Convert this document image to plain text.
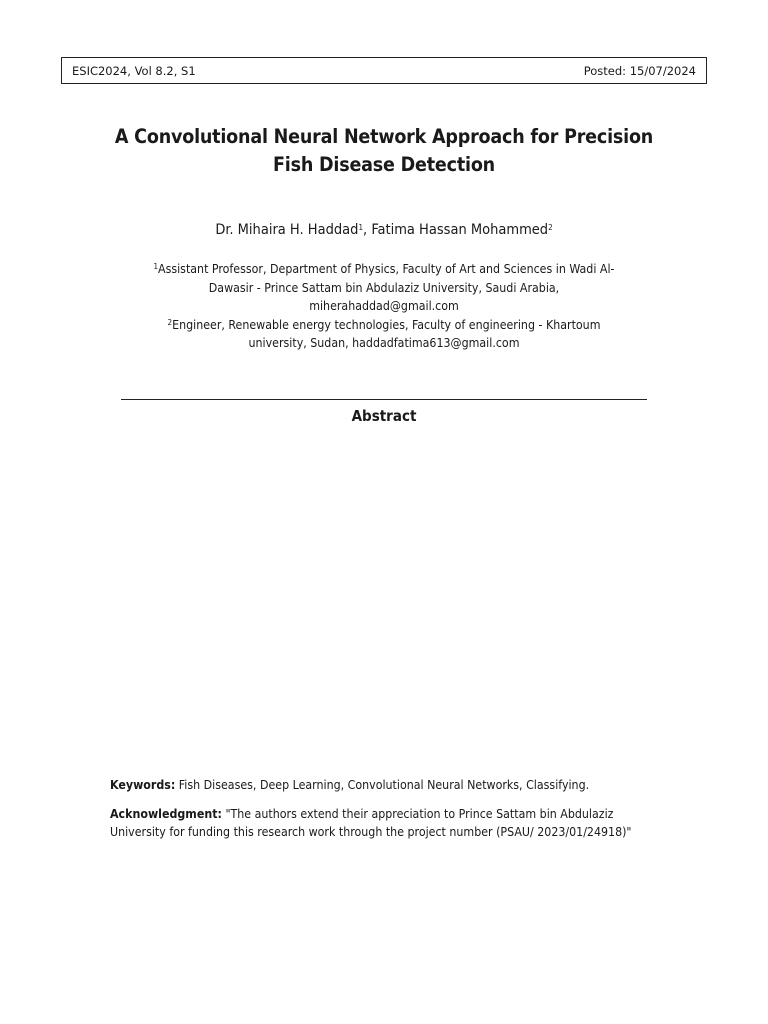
ESIC2024, Vol 8.2, S1	Posted: 15/07/2024
A Convolutional Neural Network Approach for Precision
Fish Disease Detection
Dr. Mihaira H. Haddad$^1$, Fatima Hassan Mohammed$^2$
$^1$Assistant Professor, Department of Physics, Faculty of Art and Sciences in Wadi Al-
Dawasir - Prince Sattam bin Abdulaziz University, Saudi Arabia,
miherahaddad@gmail.com
$^2$Engineer, Renewable energy technologies, Faculty of engineering - Khartoum
university, Sudan, haddadfatima613@gmail.com
Abstract
Keywords: Fish Diseases, Deep Learning, Convolutional Neural Networks, Classifying.
Acknowledgment: "The authors extend their appreciation to Prince Sattam bin Abdulaziz University for funding this research work through the project number (PSAU/ 2023/01/24918)"
